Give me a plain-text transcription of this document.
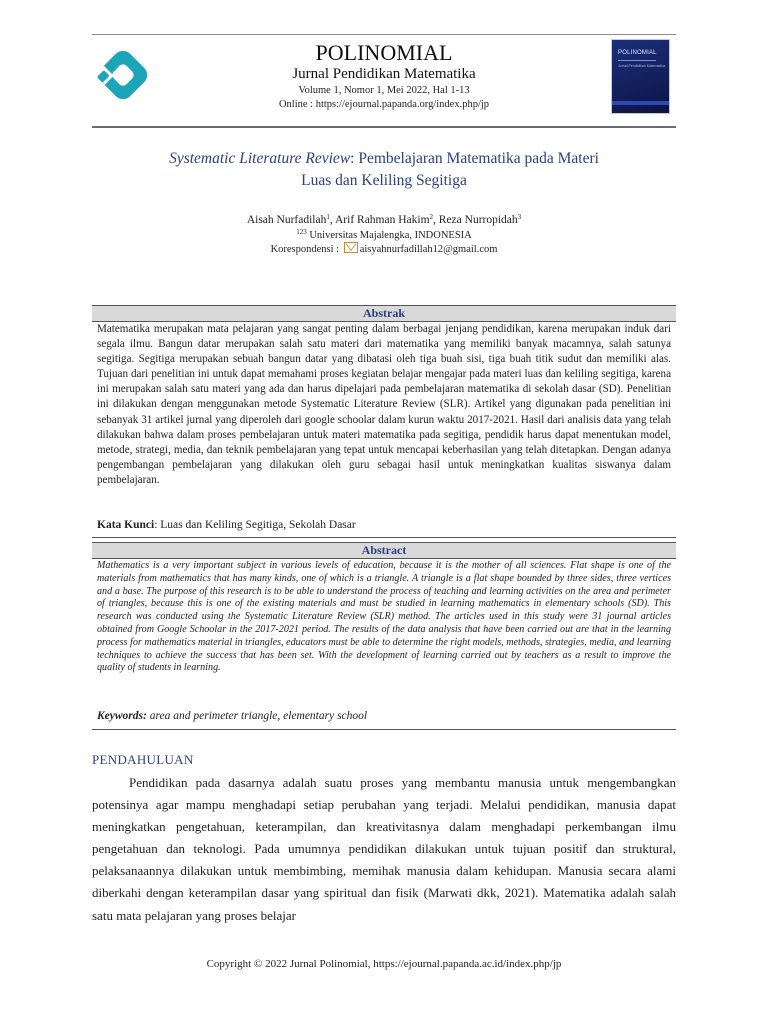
POLINOMIAL
Jurnal Pendidikan Matematika
POLINOMIAL
Jurnal Pendidikan Matematika
Volume 1, Nomor 1, Mei 2022, Hal 1-13
Online : https://ejournal.papanda.org/index.php/jp
Systematic Literature Review: Pembelajaran Matematika pada Materi
Luas dan Keliling Segitiga
Aisah Nurfadilah$^1$, Arif Rahman Hakim$^2$, Reza Nurropidah$^3$
$^{123}$ Universitas Majalengka, INDONESIA
Korespondensi : aisyahnurfadillah12@gmail.com
Abstrak
Matematika merupakan mata pelajaran yang sangat penting dalam berbagai jenjang pendidikan, karena merupakan induk dari segala ilmu. Bangun datar merupakan salah satu materi dari matematika yang memiliki banyak macamnya, salah satunya segitiga. Segitiga merupakan sebuah bangun datar yang dibatasi oleh tiga buah sisi, tiga buah titik sudut dan memiliki alas. Tujuan dari penelitian ini untuk dapat memahami proses kegiatan belajar mengajar pada materi luas dan keliling segitiga, karena ini merupakan salah satu materi yang ada dan harus dipelajari pada pembelajaran matematika di sekolah dasar (SD). Penelitian ini dilakukan dengan menggunakan metode Systematic Literature Review (SLR). Artikel yang digunakan pada penelitian ini sebanyak 31 artikel jurnal yang diperoleh dari google schoolar dalam kurun waktu 2017-2021. Hasil dari analisis data yang telah dilakukan bahwa dalam proses pembelajaran untuk materi matematika pada segitiga, pendidik harus dapat menentukan model, metode, strategi, media, dan teknik pembelajaran yang tepat untuk mencapai keberhasilan yang telah ditetapkan. Dengan adanya pengembangan pembelajaran yang dilakukan oleh guru sebagai hasil untuk meningkatkan kualitas siswanya dalam pembelajaran.
Kata Kunci: Luas dan Keliling Segitiga, Sekolah Dasar
Abstract
Mathematics is a very important subject in various levels of education, because it is the mother of all sciences. Flat shape is one of the materials from mathematics that has many kinds, one of which is a triangle. A triangle is a flat shape bounded by three sides, three vertices and a base. The purpose of this research is to be able to understand the process of teaching and learning activities on the area and perimeter of triangles, because this is one of the existing materials and must be studied in learning mathematics in elementary schools (SD). This research was conducted using the Systematic Literature Review (SLR) method. The articles used in this study were 31 journal articles obtained from Google Schoolar in the 2017-2021 period. The results of the data analysis that have been carried out are that in the learning process for mathematics material in triangles, educators must be able to determine the right models, methods, strategies, media, and learning techniques to achieve the success that has been set. With the development of learning carried out by teachers as a result to improve the quality of students in learning.
Keywords: area and perimeter triangle, elementary school
PENDAHULUAN
Pendidikan pada dasarnya adalah suatu proses yang membantu manusia untuk mengembangkan potensinya agar mampu menghadapi setiap perubahan yang terjadi. Melalui pendidikan, manusia dapat meningkatkan pengetahuan, keterampilan, dan kreativitasnya dalam menghadapi perkembangan ilmu pengetahuan dan teknologi. Pada umumnya pendidikan dilakukan untuk tujuan positif dan struktural, pelaksanaannya dilakukan untuk membimbing, memihak manusia dalam kehidupan. Manusia secara alami diberkahi dengan keterampilan dasar yang spiritual dan fisik (Marwati dkk, 2021). Matematika adalah salah satu mata pelajaran yang proses belajar
Copyright © 2022 Jurnal Polinomial, https://ejournal.papanda.ac.id/index.php/jp
